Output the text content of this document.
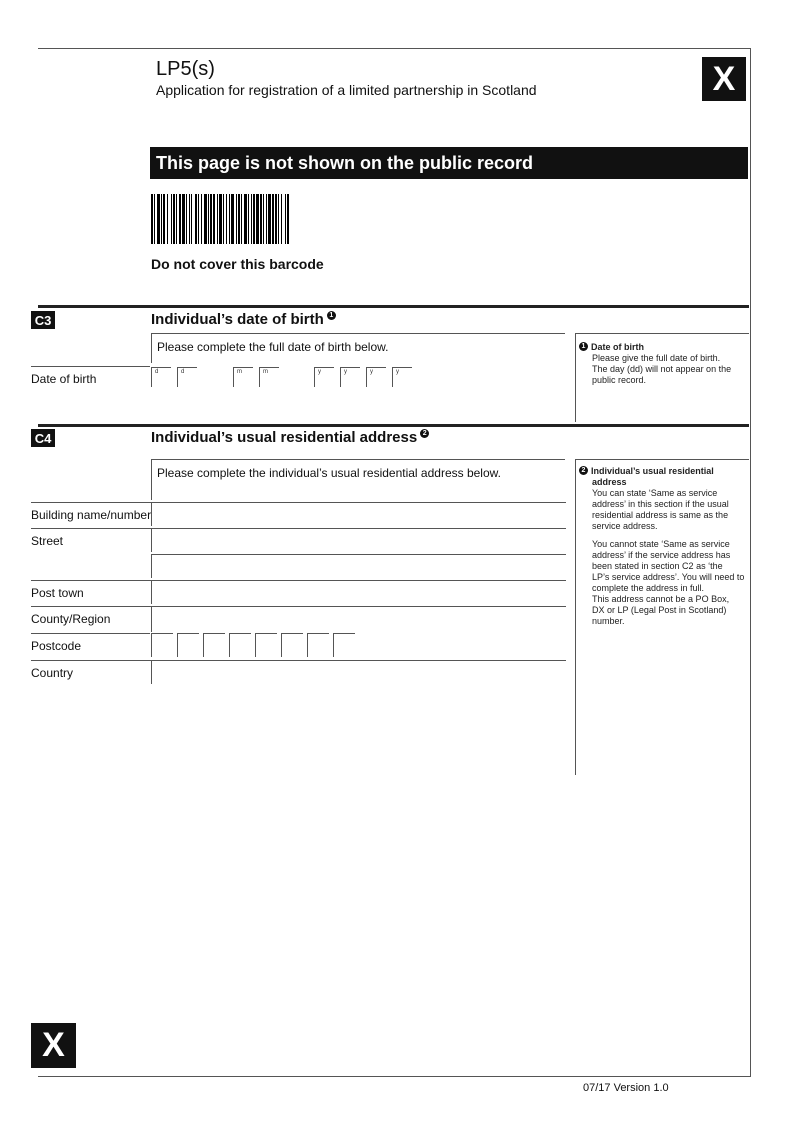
LP5(s)
Application for registration of a limited partnership in Scotland	X
This page is not shown on the public record
Do not cover this barcode
C3	Individual’s date of birth 1
Please complete the full date of birth below.
Date of birth	d	d	m	m	y	y	y	y
1 Date of birth
Please give the full date of birth.
The day (dd) will not appear on the
public record.
C4	Individual’s usual residential address 2
Please complete the individual’s usual residential address below.
Building name/number
Street
Post town
County/Region
Postcode
Country
2 Individual’s usual residential
address
You can state ‘Same as service
address’ in this section if the usual
residential address is same as the
service address.
You cannot state ‘Same as service
address’ if the service address has
been stated in section C2 as ‘the
LP’s service address’. You will need to
complete the address in full.
This address cannot be a PO Box,
DX or LP (Legal Post in Scotland)
number.
X
07/17 Version 1.0
